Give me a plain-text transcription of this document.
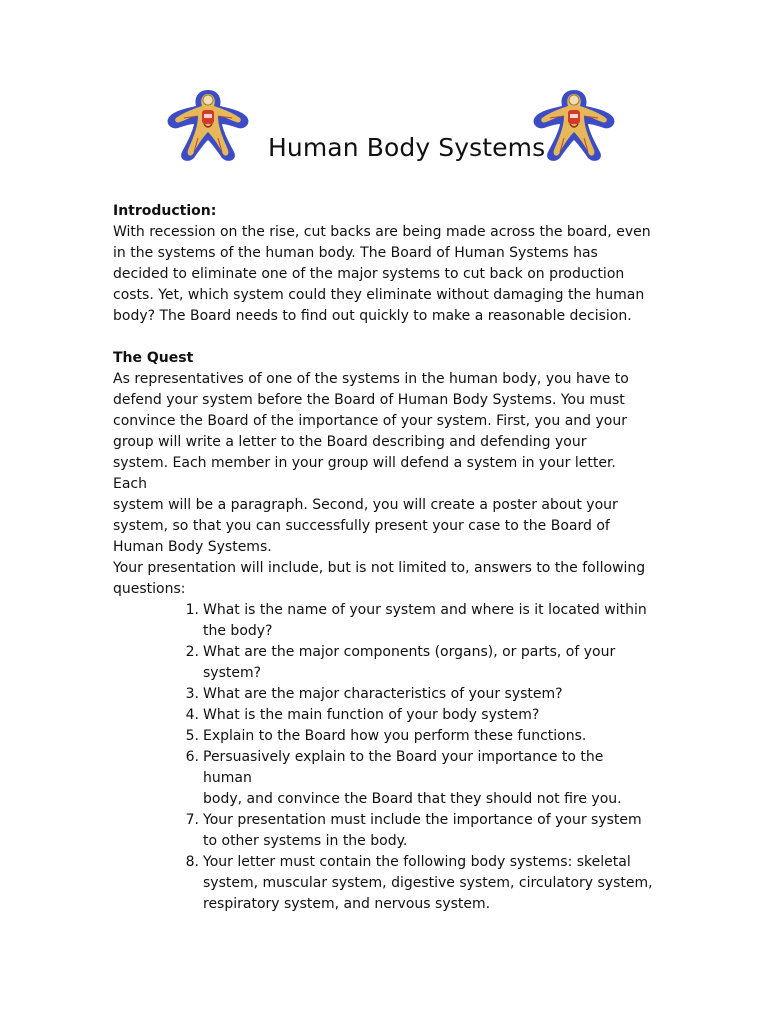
Human Body Systems

Introduction:

With recession on the rise, cut backs are being made across the board, even

in the systems of the human body. The Board of Human Systems has

decided to eliminate one of the major systems to cut back on production

costs. Yet, which system could they eliminate without damaging the human

body? The Board needs to find out quickly to make a reasonable decision.

The Quest

As representatives of one of the systems in the human body, you have to

defend your system before the Board of Human Body Systems. You must

convince the Board of the importance of your system. First, you and your

group will write a letter to the Board describing and defending your

system. Each member in your group will defend a system in your letter. Each

system will be a paragraph. Second, you will create a poster about your

system, so that you can successfully present your case to the Board of

Human Body Systems.

Your presentation will include, but is not limited to, answers to the following

questions:

1. What is the name of your system and where is it located within
the body?
2. What are the major components (organs), or parts, of your
system?
3. What are the major characteristics of your system?
4. What is the main function of your body system?
5. Explain to the Board how you perform these functions.
6. Persuasively explain to the Board your importance to the human
body, and convince the Board that they should not fire you.
7. Your presentation must include the importance of your system
to other systems in the body.
8. Your letter must contain the following body systems: skeletal
system, muscular system, digestive system, circulatory system,
respiratory system, and nervous system.
